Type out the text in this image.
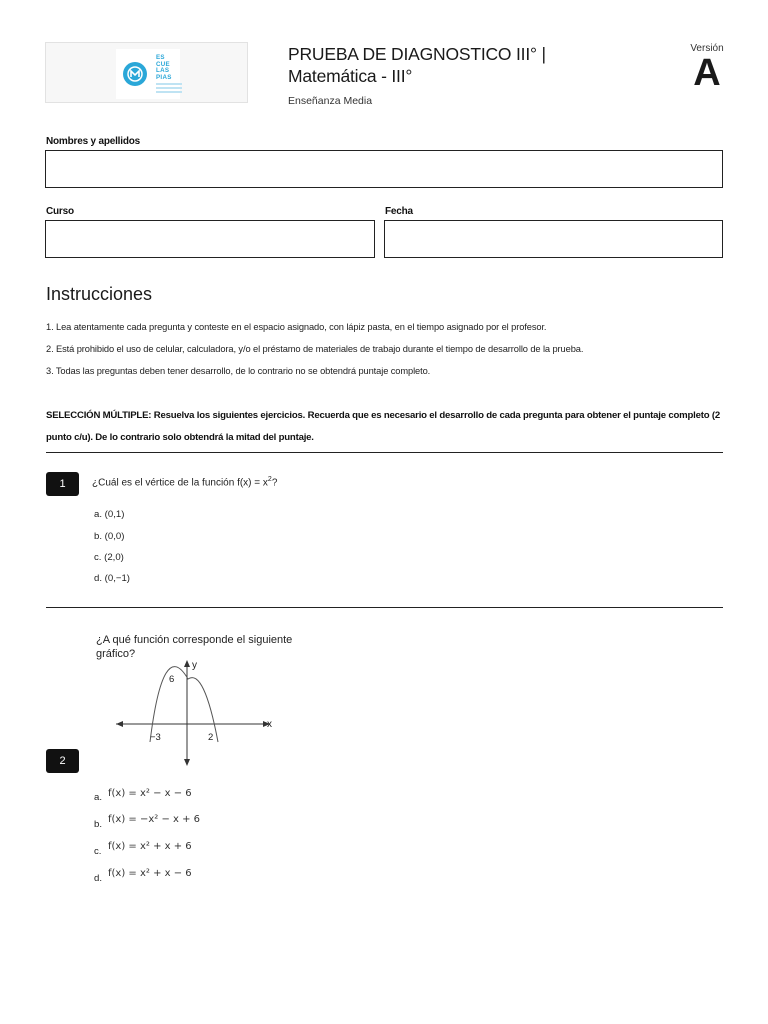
ES
CUE
LAS
PIAS
PRUEBA DE DIAGNOSTICO III° |
Matemática - III°
Enseñanza Media
Versión
A
Nombres y apellidos
Curso	Fecha
Instrucciones
1. Lea atentamente cada pregunta y conteste en el espacio asignado, con lápiz pasta, en el tiempo asignado por el profesor.
2. Está prohibido el uso de celular, calculadora, y/o el préstamo de materiales de trabajo durante el tiempo de desarrollo de la prueba.
3. Todas las preguntas deben tener desarrollo, de lo contrario no se obtendrá puntaje completo.
SELECCIÓN MÚLTIPLE: Resuelva los siguientes ejercicios. Recuerda que es necesario el desarrollo de cada pregunta para obtener el puntaje completo (2 punto c/u). De lo contrario solo obtendrá la mitad del puntaje.
1	¿Cuál es el vértice de la función $f(x) = x^2$?
a. (0,1)
b. (0,0)
c. (2,0)
d. (0,−1)
¿A qué función corresponde el siguiente
gráfico?
y
x
6
−3	2
2
a. f(x) = x² − x − 6
b. f(x) = −x² − x + 6
c. f(x) = x² + x + 6
d. f(x) = x² + x − 6
